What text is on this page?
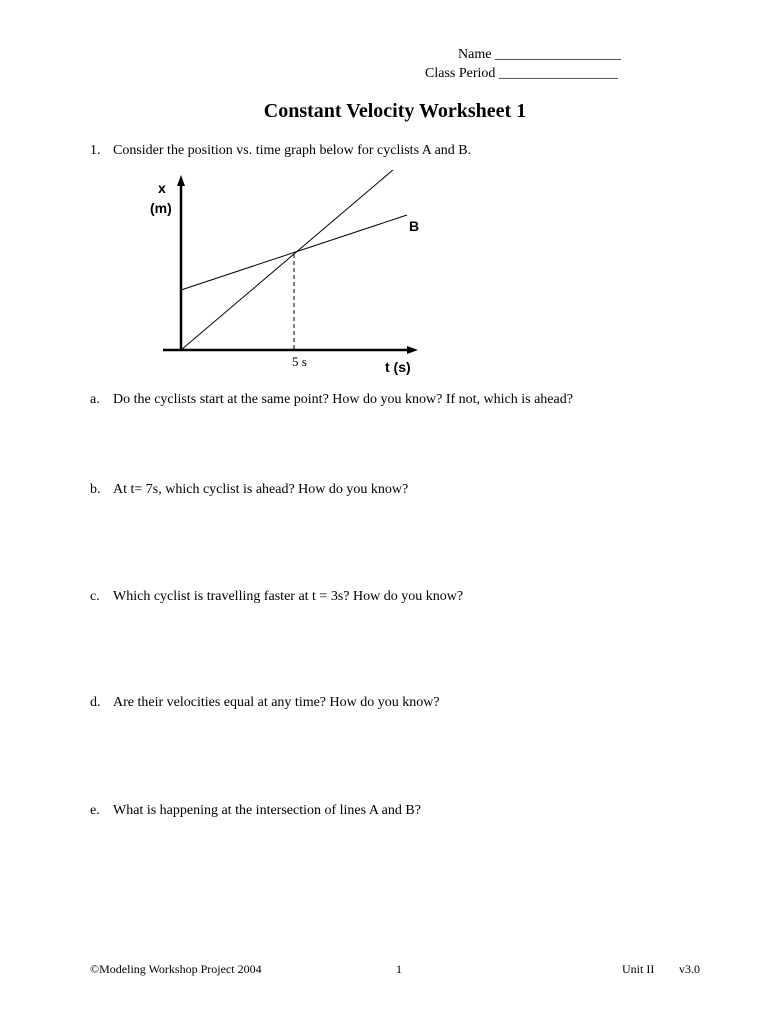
Name __________________
Class Period _________________
Constant Velocity Worksheet 1
1. Consider the position vs. time graph below for cyclists A and B.
x
(m)
t (s)
B
5 s
a. Do the cyclists start at the same point? How do you know? If not, which is ahead?
b. At t= 7s, which cyclist is ahead? How do you know?
c. Which cyclist is travelling faster at t = 3s? How do you know?
d. Are their velocities equal at any time? How do you know?
e. What is happening at the intersection of lines A and B?
©Modeling Workshop Project 2004	1	Unit II v3.0
